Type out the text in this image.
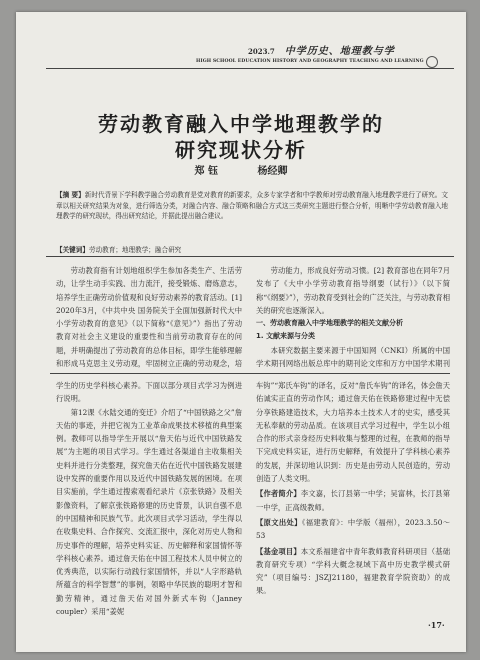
2023.7 中学历史、地理教与学
HIGH SCHOOL EDUCATION HISTORY AND GEOGRAPHY TEACHING AND LEARNING
劳动教育融入中学地理教学的
研究现状分析
郑 钰	杨经卿
【摘 要】新时代背景下学科教学融合劳动教育是党对教育的新要求，众多专家学者和中学教师对劳动教育融入地理教学进行了研究。文章以相关研究结果为对象，进行筛选分类，对融合内容、融合策略和融合方式这三类研究主题进行整合分析，明晰中学劳动教育融入地理教学的研究现状，得出研究结论，并据此提出融合建议。
【关键词】劳动教育；地理教学；融合研究

劳动教育指有计划地组织学生参加各类生产、生活劳动，让学生动手实践、出力流汗，接受锻炼、磨炼意志，培养学生正确劳动价值观和良好劳动素养的教育活动。[1] 2020年3月，《中共中央 国务院关于全面加强新时代大中小学劳动教育的意见》（以下简称“《意见》”）指出了劳动教育对社会主义建设的重要性和当前劳动教育存在的问题，并明确提出了劳动教育的总体目标，即学生能够理解和形成马克思主义劳动观，牢固树立正确的劳动观念，培

劳动能力，形成良好劳动习惯。[2] 教育部也在同年7月发布了《大中小学劳动教育指导纲要（试行）》（以下简称“《纲要》”），劳动教育受到社会的广泛关注，与劳动教育相关的研究也逐渐深入。

一、劳动教育融入中学地理教学的相关文献分析

1. 文献来源与分类

本研究数据主要来源于中国知网（CNKI）所属的中国学术期刊网络出版总库中的期刊论文库和万方中国学术期刊

学生的历史学科核心素养。下面以部分项目式学习为例进行说明。

第12课《水陆交通的变迁》介绍了“中国铁路之父”詹天佑的事迹，并把它视为工业革命成果技术移植的典型案例。教师可以指导学生开展以“詹天佑与近代中国铁路发展”为主题的项目式学习。学生通过各渠道自主收集相关史料并进行分类整理，探究詹天佑在近代中国铁路发展建设中发挥的重要作用以及近代中国铁路发展的困境。在项目实施前，学生通过搜索观看纪录片《京张铁路》及相关影像资料，了解京张铁路修建的历史背景，认识自强不息的中国精神和民族气节。此次项目式学习活动，学生得以在收集史料、合作探究、交流汇报中，深化对历史人物和历史事件的理解，培养史料实证、历史解释和家国情怀等学科核心素养。通过詹天佑在中国工程技术人员中树立的优秀典范，以实际行动践行家国情怀，并以“人字形路轨所蕴含的科学智慧”的事例，领略中华民族的聪明才智和勤劳精神，通过詹天佑对国外新式车钩（Janney coupler）采用“姜妮

车钩”“郑氏车钩”的译名，反对“詹氏车钩”的译名，体会詹天佑诚实正直的劳动作风；通过詹天佑在铁路修建过程中无偿分享铁路建造技术，大力培养本土技术人才的史实，感受其无私奉献的劳动品质。在该项目式学习过程中，学生以小组合作的形式亲身经历史料收集与整理的过程，在教师的指导下完成史料实证，进行历史解释，有效提升了学科核心素养的发展，并深切地认识到：历史是由劳动人民创造的，劳动创造了人类文明。

【作者简介】李文嘉，长汀县第一中学；吴富林，长汀县第一中学，正高级教师。

【原文出处】《福建教育》：中学版（福州），2023.3.50～53

【基金项目】本文系福建省中青年教师教育科研项目（基础教育研究专项）“学科大概念视域下高中历史教学模式研究”（项目编号：JSZJ21180，福建教育学院资助）的成果。

·17·
